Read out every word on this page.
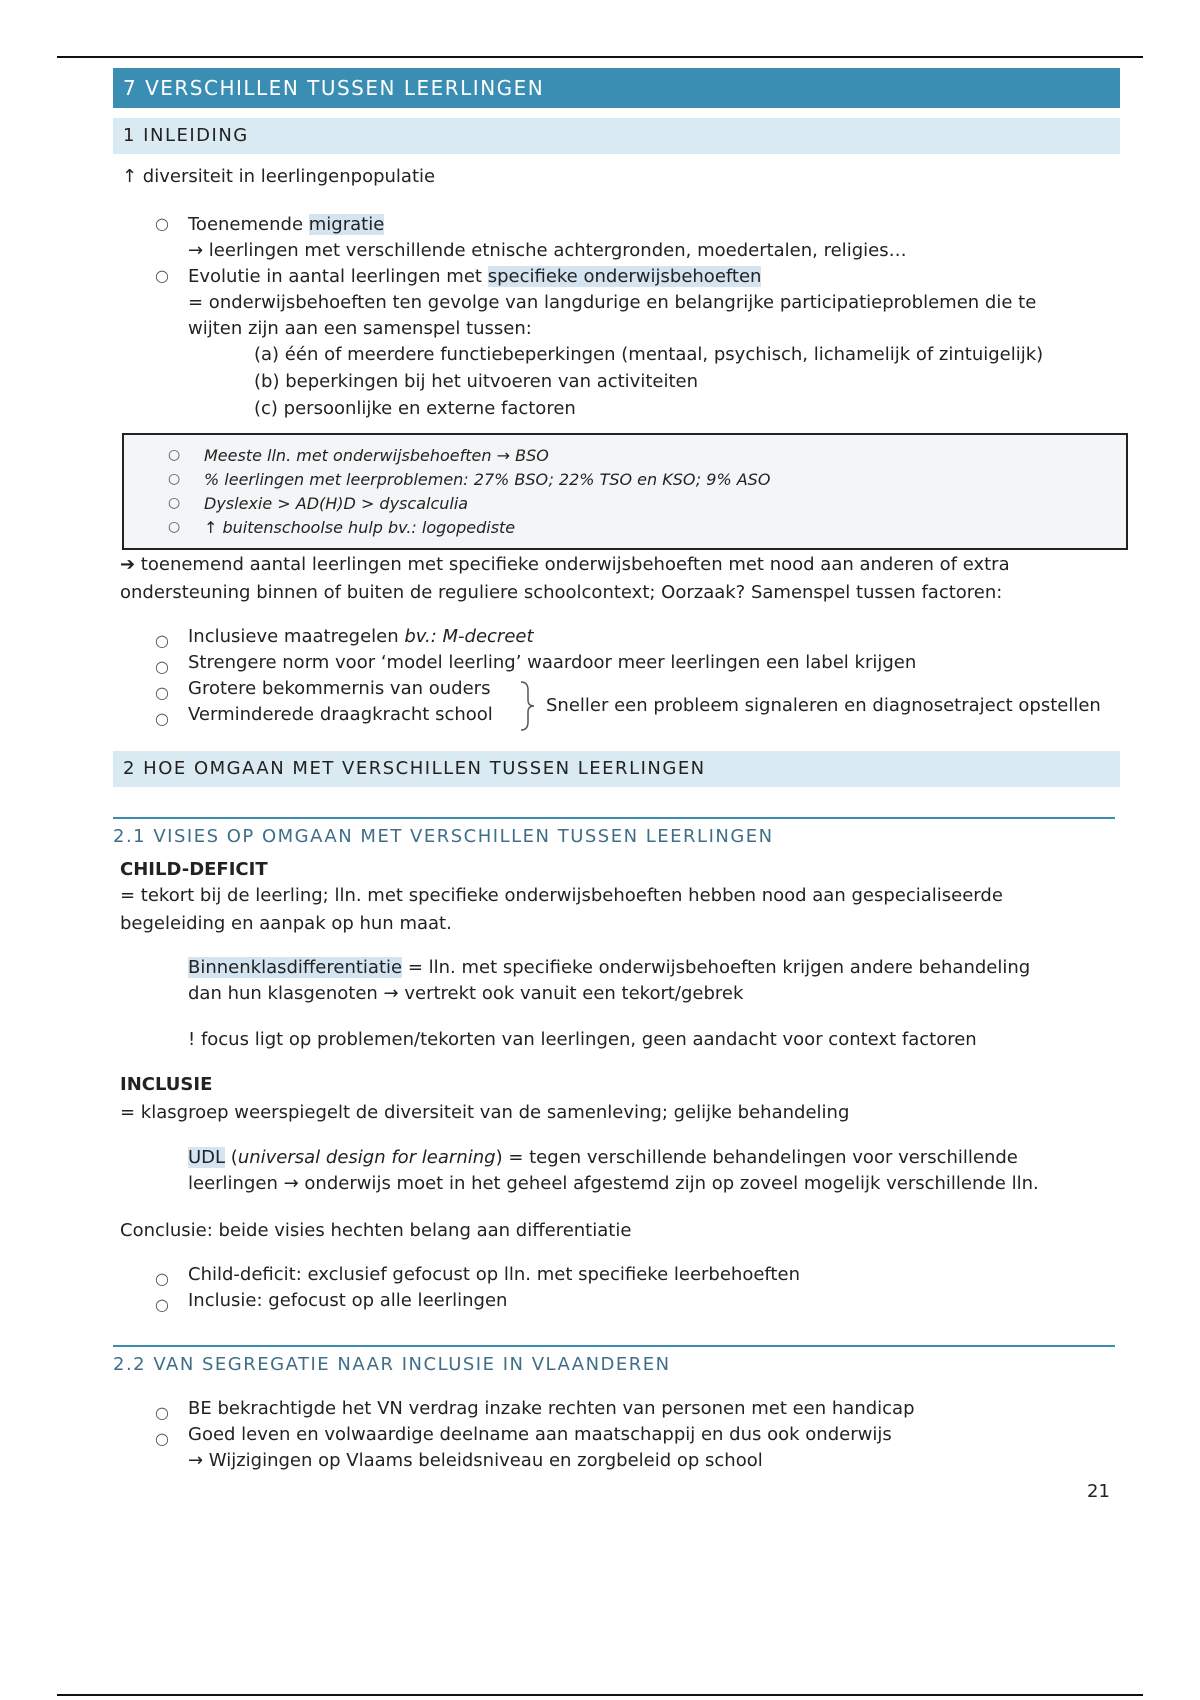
7 VERSCHILLEN TUSSEN LEERLINGEN
1 INLEIDING
↑ diversiteit in leerlingenpopulatie
○ Toenemende migratie
→ leerlingen met verschillende etnische achtergronden, moedertalen, religies…
○ Evolutie in aantal leerlingen met specifieke onderwijsbehoeften
= onderwijsbehoeften ten gevolge van langdurige en belangrijke participatieproblemen die te
wijten zijn aan een samenspel tussen:
(a) één of meerdere functiebeperkingen (mentaal, psychisch, lichamelijk of zintuigelijk)
(b) beperkingen bij het uitvoeren van activiteiten
(c) persoonlijke en externe factoren
○ Meeste lln. met onderwijsbehoeften → BSO
○ % leerlingen met leerproblemen: 27% BSO; 22% TSO en KSO; 9% ASO
○ Dyslexie > AD(H)D > dyscalculia
○ ↑ buitenschoolse hulp bv.: logopediste
➔ toenemend aantal leerlingen met specifieke onderwijsbehoeften met nood aan anderen of extra
ondersteuning binnen of buiten de reguliere schoolcontext; Oorzaak? Samenspel tussen factoren:
○ Inclusieve maatregelen bv.: M-decreet
○ Strengere norm voor ‘model leerling’ waardoor meer leerlingen een label krijgen
○ Grotere bekommernis van ouders
○ Verminderede draagkracht school	Sneller een probleem signaleren en diagnosetraject opstellen
2 HOE OMGAAN MET VERSCHILLEN TUSSEN LEERLINGEN
2.1 VISIES OP OMGAAN MET VERSCHILLEN TUSSEN LEERLINGEN
CHILD-DEFICIT
= tekort bij de leerling; lln. met specifieke onderwijsbehoeften hebben nood aan gespecialiseerde
begeleiding en aanpak op hun maat.
Binnenklasdifferentiatie = lln. met specifieke onderwijsbehoeften krijgen andere behandeling
dan hun klasgenoten → vertrekt ook vanuit een tekort/gebrek
! focus ligt op problemen/tekorten van leerlingen, geen aandacht voor context factoren
INCLUSIE
= klasgroep weerspiegelt de diversiteit van de samenleving; gelijke behandeling
UDL (universal design for learning) = tegen verschillende behandelingen voor verschillende
leerlingen → onderwijs moet in het geheel afgestemd zijn op zoveel mogelijk verschillende lln.
Conclusie: beide visies hechten belang aan differentiatie
○ Child-deficit: exclusief gefocust op lln. met specifieke leerbehoeften
○ Inclusie: gefocust op alle leerlingen
2.2 VAN SEGREGATIE NAAR INCLUSIE IN VLAANDEREN
○ BE bekrachtigde het VN verdrag inzake rechten van personen met een handicap
○ Goed leven en volwaardige deelname aan maatschappij en dus ook onderwijs
→ Wijzigingen op Vlaams beleidsniveau en zorgbeleid op school
21
